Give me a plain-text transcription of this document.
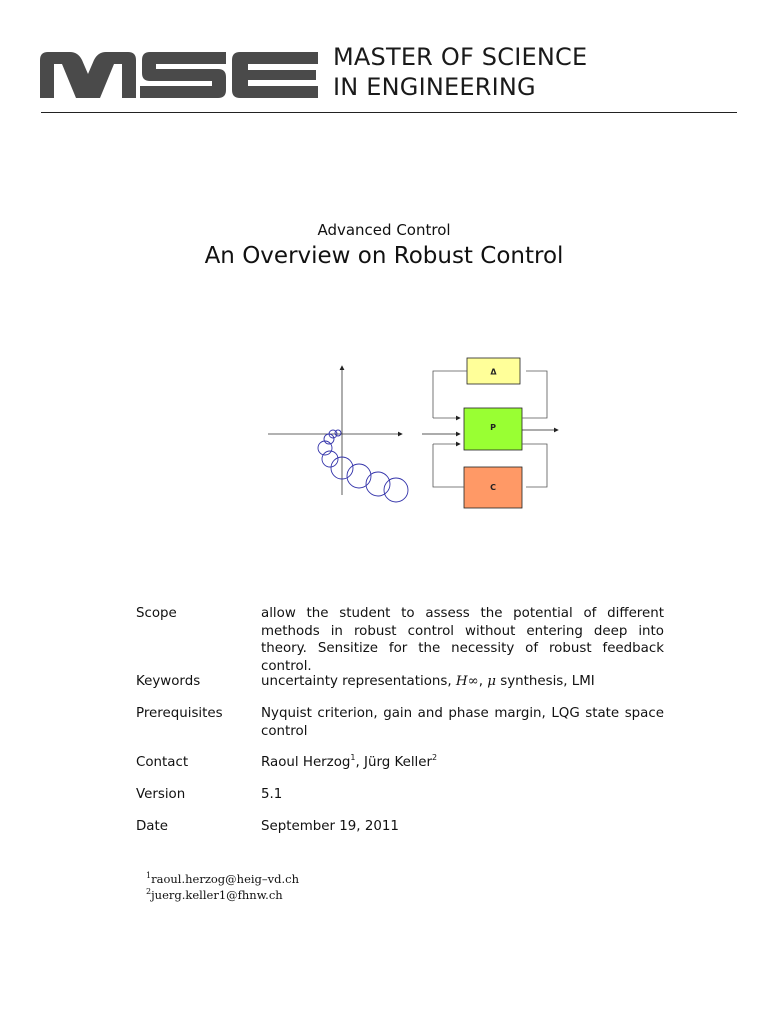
MASTER OF SCIENCE
IN ENGINEERING
Advanced Control
An Overview on Robust Control
Δ
P
C
Scope	allow the student to assess the potential of different methods in robust control without entering deep into theory. Sensitize for the necessity of robust feedback control.
Keywords	uncertainty representations, H∞, μ synthesis, LMI
Prerequisites	Nyquist criterion, gain and phase margin, LQG state space control
Contact	Raoul Herzog$^1$, Jürg Keller$^2$
Version	5.1
Date	September 19, 2011
$^1$raoul.herzog@heig–vd.ch
$^2$juerg.keller1@fhnw.ch
